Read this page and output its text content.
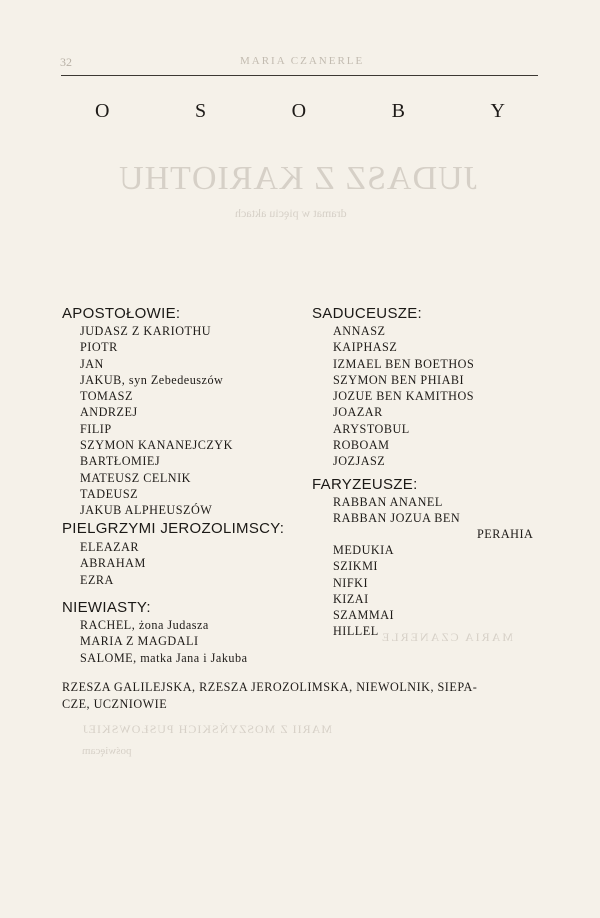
JUDASZ Z KARIOTHU
dramat w pięciu aktach
MARIA CZANERLE
MARII Z MOSZYŃSKICH PUSŁOWSKIEJ
poświęcam
32	MARIA CZANERLE
O	S	O	B	Y
APOSTOŁOWIE:
JUDASZ Z KARIOTHU
PIOTR
JAN
JAKUB, syn Zebedeuszów
TOMASZ
ANDRZEJ
FILIP
SZYMON KANANEJCZYK
BARTŁOMIEJ
MATEUSZ CELNIK
TADEUSZ
JAKUB ALPHEUSZÓW
PIELGRZYMI JEROZOLIMSCY:
ELEAZAR
ABRAHAM
EZRA
NIEWIASTY:
RACHEL, żona Judasza
MARIA Z MAGDALI
SALOME, matka Jana i Jakuba
SADUCEUSZE:
ANNASZ
KAIPHASZ
IZMAEL BEN BOETHOS
SZYMON BEN PHIABI
JOZUE BEN KAMITHOS
JOAZAR
ARYSTOBUL
ROBOAM
JOZJASZ
FARYZEUSZE:
RABBAN ANANEL
RABBAN JOZUA BEN
PERAHIA
MEDUKIA
SZIKMI
NIFKI
KIZAI
SZAMMAI
HILLEL
RZESZA GALILEJSKA, RZESZA JEROZOLIMSKA, NIEWOLNIK, SIEPA-
CZE, UCZNIOWIE
